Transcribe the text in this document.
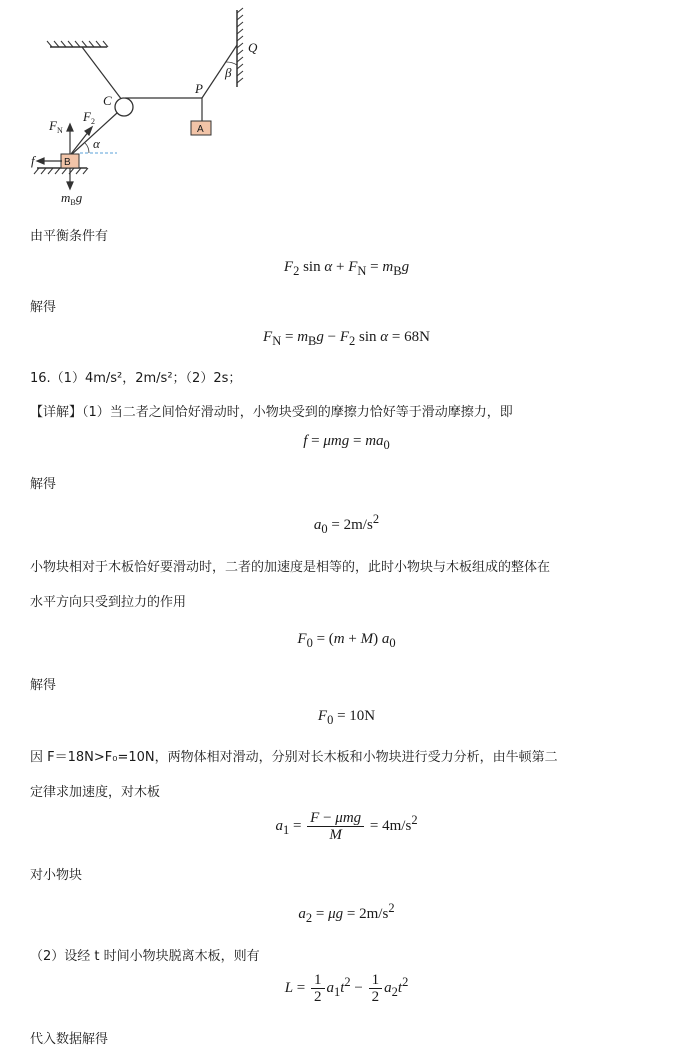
Q
β
P
C
$F_N$
$F_2$
α
f
$m_Bg$
A
B
由平衡条件有
$F_2$ $\sin \alpha + F_N = m_Bg$
解得
$F_N = m_Bg - F_2$ sin α = 68N
16.（1）4m/s²，2m/s²；（2）2s；
【详解】（1）当二者之间恰好滑动时，小物块受到的摩擦力恰好等于滑动摩擦力，即
$f = \mu mg = ma_0$
解得
$a_0 = 2m/s^2$
小物块相对于木板恰好要滑动时，二者的加速度是相等的，此时小物块与木板组成的整体在
水平方向只受到拉力的作用
$F_0 = (m + M)$ $a_0$
解得
$F_0 = 10N$
因 F＝18N>F₀=10N，两物体相对滑动，分别对长木板和小物块进行受力分析，由牛顿第二
定律求加速度，对木板
$a_1 = \frac{\text{F − μmg}}{M} = 4m/s^2$
对小物块
$a_2 = \mu g = 2m/s^2$
（2）设经 t 时间小物块脱离木板，则有
$L = \frac{1}{2} a_1t^2 - \frac{1}{2} a_2t^2$
代入数据解得
